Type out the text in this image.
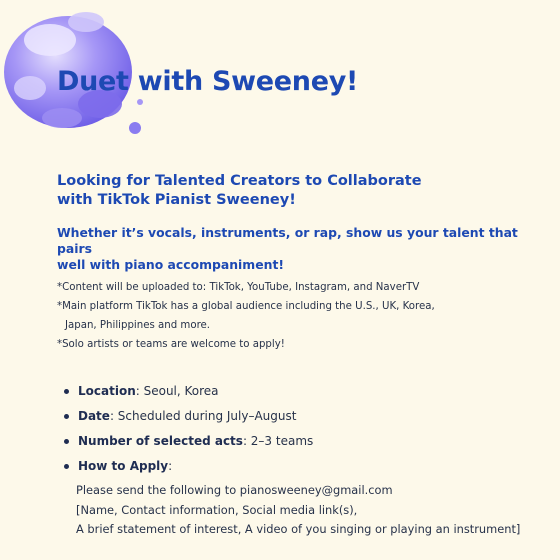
Duet with Sweeney!
Looking for Talented Creators to Collaborate
with TikTok Pianist Sweeney!
Whether it’s vocals, instruments, or rap, show us your talent that pairs
well with piano accompaniment!
*Content will be uploaded to: TikTok, YouTube, Instagram, and NaverTV
*Main platform TikTok has a global audience including the U.S., UK, Korea,
Japan, Philippines and more.
*Solo artists or teams are welcome to apply!
Location: Seoul, Korea
Date: Scheduled during July–August
Number of selected acts: 2–3 teams
How to Apply:
Please send the following to pianosweeney@gmail.com
[Name, Contact information, Social media link(s),
A brief statement of interest, A video of you singing or playing an instrument]
